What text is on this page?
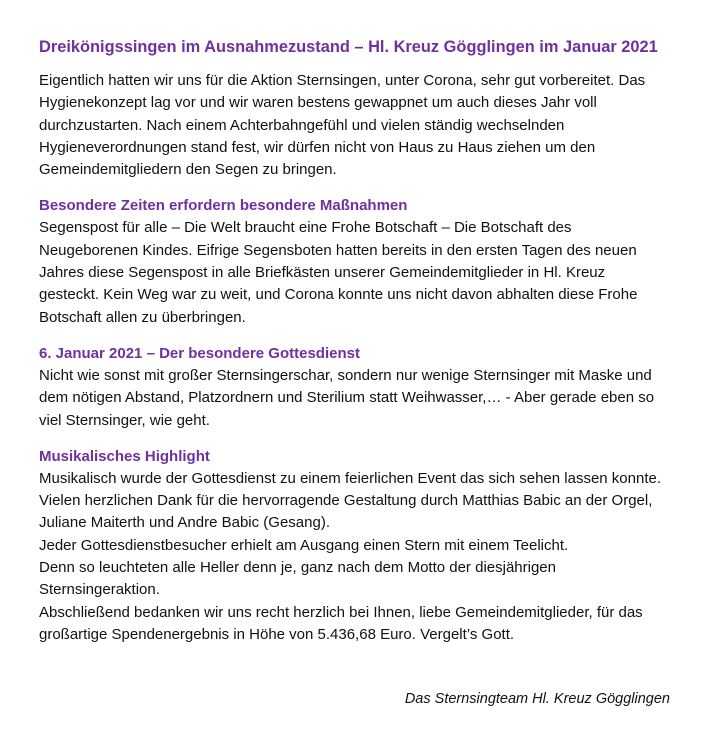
Dreikönigssingen im Ausnahmezustand – Hl. Kreuz Gögglingen im Januar 2021

Eigentlich hatten wir uns für die Aktion Sternsingen, unter Corona, sehr gut vorbereitet. Das

Hygienekonzept lag vor und wir waren bestens gewappnet um auch dieses Jahr voll

durchzustarten. Nach einem Achterbahngefühl und vielen ständig wechselnden

Hygieneverordnungen stand fest, wir dürfen nicht von Haus zu Haus ziehen um den

Gemeindemitgliedern den Segen zu bringen.

Besondere Zeiten erfordern besondere Maßnahmen

Segenspost für alle – Die Welt braucht eine Frohe Botschaft – Die Botschaft des

Neugeborenen Kindes. Eifrige Segensboten hatten bereits in den ersten Tagen des neuen

Jahres diese Segenspost in alle Briefkästen unserer Gemeindemitglieder in Hl. Kreuz

gesteckt. Kein Weg war zu weit, und Corona konnte uns nicht davon abhalten diese Frohe

Botschaft allen zu überbringen.

6. Januar 2021 – Der besondere Gottesdienst

Nicht wie sonst mit großer Sternsingerschar, sondern nur wenige Sternsinger mit Maske und

dem nötigen Abstand, Platzordnern und Sterilium statt Weihwasser,… - Aber gerade eben so

viel Sternsinger, wie geht.

Musikalisches Highlight

Musikalisch wurde der Gottesdienst zu einem feierlichen Event das sich sehen lassen konnte.

Vielen herzlichen Dank für die hervorragende Gestaltung durch Matthias Babic an der Orgel,

Juliane Maiterth und Andre Babic (Gesang).

Jeder Gottesdienstbesucher erhielt am Ausgang einen Stern mit einem Teelicht.

Denn so leuchteten alle Heller denn je, ganz nach dem Motto der diesjährigen

Sternsingeraktion.

Abschließend bedanken wir uns recht herzlich bei Ihnen, liebe Gemeindemitglieder, für das

großartige Spendenergebnis in Höhe von 5.436,68 Euro. Vergelt’s Gott.

Das Sternsingteam Hl. Kreuz Gögglingen
